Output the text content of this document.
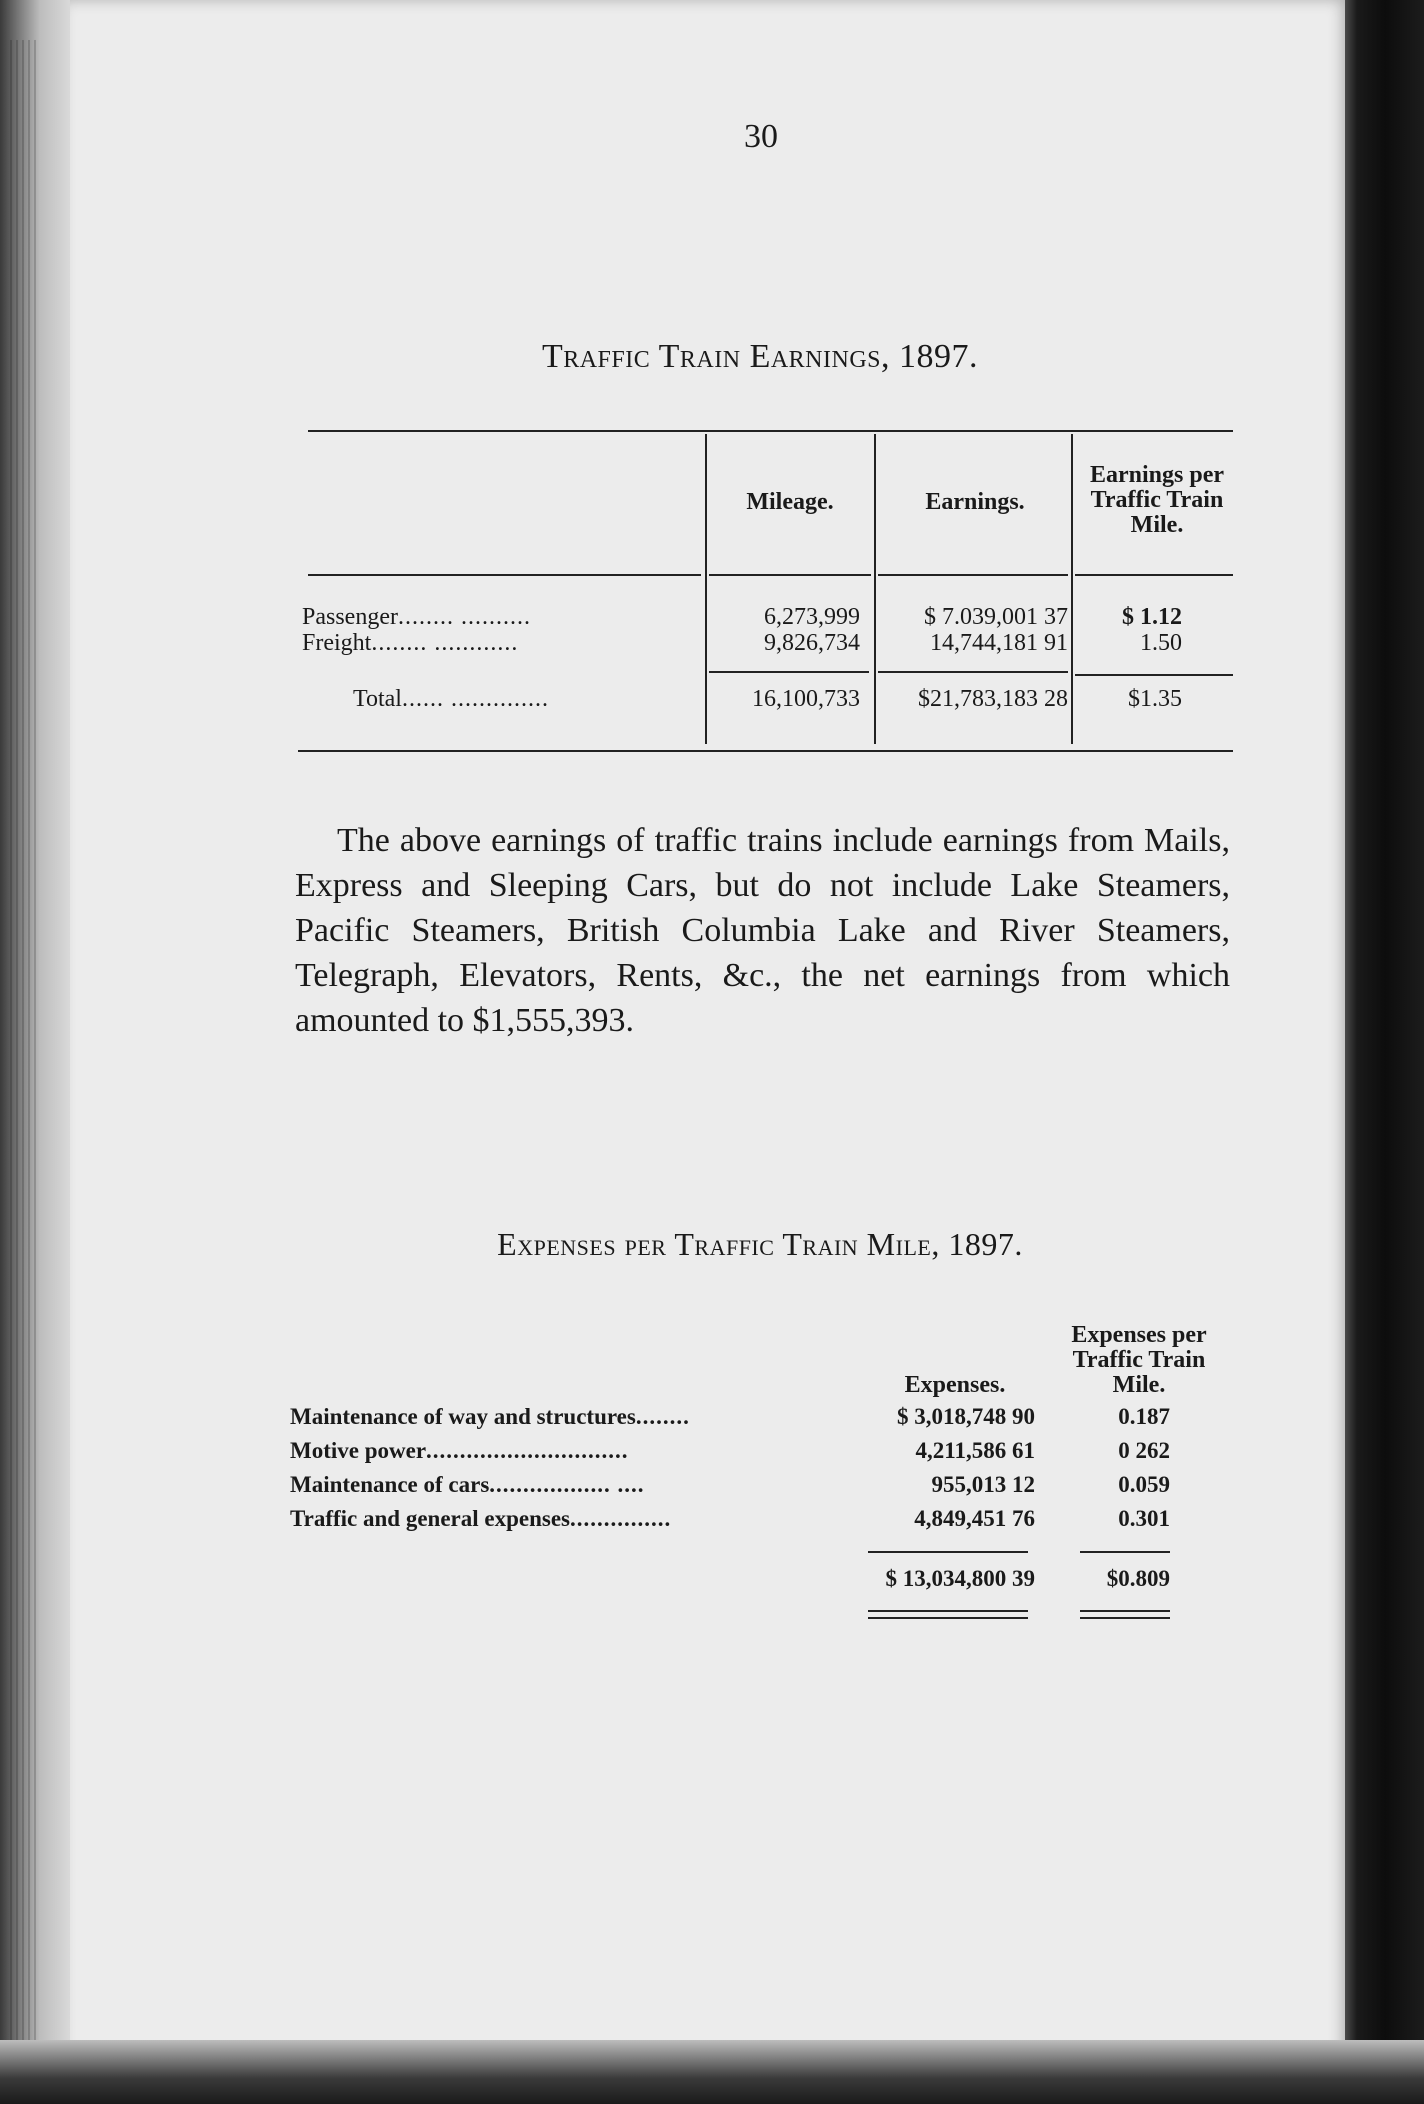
30
Traffic Train Earnings, 1897.
Mileage.	Earnings.
Earnings per
Traffic Train
Mile.
Passenger........ ..........	6,273,999	$ 7.039,001 37	$ 1.12
Freight........ ............	9,826,734	14,744,181 91	1.50
Total...... ..............	16,100,733	$21,783,183 28	$1.35
The above earnings of traffic trains include earnings from Mails, Express and Sleeping Cars, but do not include Lake Steamers, Pacific Steamers, British Columbia Lake and River Steamers, Telegraph, Elevators, Rents, &c., the net earnings from which amounted to $1,555,393.
Expenses per Traffic Train Mile, 1897.
Expenses per
Traffic Train
Mile.
Expenses.
Maintenance of way and structures........	$ 3,018,748 90	0.187
Motive power..............................	4,211,586 61	0 262
Maintenance of cars.................. ....	955,013 12	0.059
Traffic and general expenses...............	4,849,451 76	0.301
$ 13,034,800 39	$0.809
